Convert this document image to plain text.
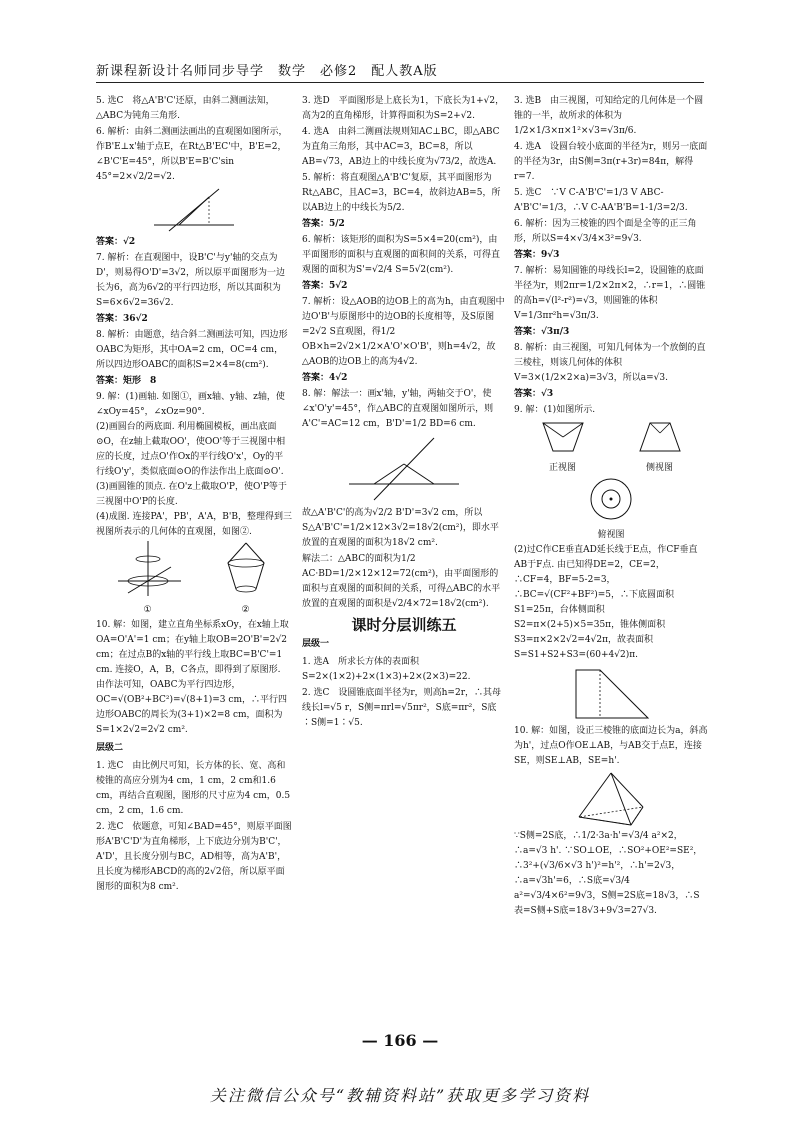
新课程新设计名师同步导学　数学　必修2　配人教A版

5. 选C　将△A'B'C'还原，由斜二测画法知，△ABC为钝角三角形.

6. 解析：由斜二测画法画出的直观图如图所示，作B'E⊥x'轴于点E，在Rt△B'EC'中，B'E=2，∠B'C'E=45°，所以B'E=B'C'sin 45°=2×√2/2=√2.

答案：√2

7. 解析：在直观图中，设B'C'与y'轴的交点为D'，则易得O'D'=3√2，所以原平面图形为一边长为6，高为6√2的平行四边形，所以其面积为S=6×6√2=36√2.

答案：36√2

8. 解析：由题意，结合斜二测画法可知，四边形OABC为矩形，其中OA=2 cm，OC=4 cm，所以四边形OABC的面积S=2×4=8(cm²).

答案：矩形　8

9. 解：(1)画轴. 如图①，画x轴、y轴、z轴，使∠xOy=45°，∠xOz=90°.
(2)画圆台的两底面. 利用椭圆模板，画出底面⊙O，在z轴上截取OO'，使OO'等于三视图中相应的长度，过点O'作Ox的平行线O'x'，Oy的平行线O'y'，类似底面⊙O的作法作出上底面⊙O'.
(3)画圆锥的顶点. 在O'z上截取O'P，使O'P等于三视图中O'P的长度.
(4)成图. 连接PA'，PB'，A'A，B'B，整理得到三视图所表示的几何体的直观图，如图②.

①	②

10. 解：如图，建立直角坐标系xOy，在x轴上取OA=O'A'=1 cm；在y轴上取OB=2O'B'=2√2 cm；在过点B的x轴的平行线上取BC=B'C'=1 cm. 连接O，A，B，C各点，即得到了原图形. 由作法可知，OABC为平行四边形，OC=√(OB²+BC²)=√(8+1)=3 cm，∴平行四边形OABC的周长为(3+1)×2=8 cm，面积为S=1×2√2=2√2 cm².

层级二

1. 选C　由比例尺可知，长方体的长、宽、高和棱锥的高应分别为4 cm，1 cm，2 cm和1.6 cm，再结合直观图，图形的尺寸应为4 cm，0.5 cm，2 cm，1.6 cm.

2. 选C　依题意，可知∠BAD=45°，则原平面图形A'B'C'D'为直角梯形，上下底边分别为B'C'，A'D'，且长度分别与BC，AD相等，高为A'B'，且长度为梯形ABCD的高的2√2倍，所以原平面图形的面积为8 cm².

3. 选D　平面图形是上底长为1，下底长为1+√2，高为2的直角梯形，计算得面积为S=2+√2.

4. 选A　由斜二测画法规则知AC⊥BC，即△ABC为直角三角形，其中AC=3，BC=8，所以AB=√73，AB边上的中线长度为√73/2，故选A.

5. 解析：将直观图△A'B'C'复原，其平面图形为Rt△ABC，且AC=3，BC=4，故斜边AB=5，所以AB边上的中线长为5/2.

答案：5/2

6. 解析：该矩形的面积为S=5×4=20(cm²)，由平面图形的面积与直观图的面积间的关系，可得直观图的面积为S'=√2/4 S=5√2(cm²).

答案：5√2

7. 解析：设△AOB的边OB上的高为h，由直观图中边O'B'与原图形中的边OB的长度相等，及S原图=2√2 S直观图，得1/2 OB×h=2√2×1/2×A'O'×O'B'，则h=4√2，故△AOB的边OB上的高为4√2.

答案：4√2

8. 解：解法一：画x'轴，y'轴，两轴交于O'，使∠x'O'y'=45°，作△ABC的直观图如图所示，则A'C'=AC=12 cm，B'D'=1/2 BD=6 cm.

故△A'B'C'的高为√2/2 B'D'=3√2 cm，所以S△A'B'C'=1/2×12×3√2=18√2(cm²)，即水平放置的直观图的面积为18√2 cm².

解法二：△ABC的面积为1/2 AC·BD=1/2×12×12=72(cm²)，由平面图形的面积与直观图的面积间的关系，可得△ABC的水平放置的直观图的面积是√2/4×72=18√2(cm²).

课时分层训练五
层级一

1. 选A　所求长方体的表面积S=2×(1×2)+2×(1×3)+2×(2×3)=22.

2. 选C　设圆锥底面半径为r，则高h=2r，∴其母线长l=√5 r，S侧=πrl=√5πr²，S底=πr²，S底∶S侧=1∶√5.

3. 选B　由三视图，可知给定的几何体是一个圆锥的一半，故所求的体积为1/2×1/3×π×1²×√3=√3π/6.

4. 选A　设圆台较小底面的半径为r，则另一底面的半径为3r，由S侧=3π(r+3r)=84π，解得r=7.

5. 选C　∵V C-A'B'C'=1/3 V ABC-A'B'C'=1/3，∴V C-AA'B'B=1-1/3=2/3.

6. 解析：因为三棱锥的四个面是全等的正三角形，所以S=4×√3/4×3²=9√3.

答案：9√3

7. 解析：易知圆锥的母线长l=2，设圆锥的底面半径为r，则2πr=1/2×2π×2，∴r=1，∴圆锥的高h=√(l²-r²)=√3，则圆锥的体积V=1/3πr²h=√3π/3.

答案：√3π/3

8. 解析：由三视图，可知几何体为一个放倒的直三棱柱，则该几何体的体积V=3×(1/2×2×a)=3√3，所以a=√3.

答案：√3

9. 解：(1)如图所示.

正视图	侧视图
俯视图

(2)过C作CE垂直AD延长线于E点，作CF垂直AB于F点. 由已知得DE=2，CE=2，∴CF=4，BF=5-2=3，∴BC=√(CF²+BF²)=5，∴下底圆面积S1=25π，台体侧面积S2=π×(2+5)×5=35π，锥体侧面积S3=π×2×2√2=4√2π，故表面积S=S1+S2+S3=(60+4√2)π.

10. 解：如图，设正三棱锥的底面边长为a，斜高为h'，过点O作OE⊥AB，与AB交于点E，连接SE，则SE⊥AB，SE=h'.

∵S侧=2S底，∴1/2·3a·h'=√3/4 a²×2，∴a=√3 h'. ∵SO⊥OE，∴SO²+OE²=SE²，∴3²+(√3/6×√3 h')²=h'²，∴h'=2√3，∴a=√3h'=6，∴S底=√3/4 a²=√3/4×6²=9√3，S侧=2S底=18√3，∴S表=S侧+S底=18√3+9√3=27√3.

— 166 —
关注微信公众号“教辅资料站”获取更多学习资料
